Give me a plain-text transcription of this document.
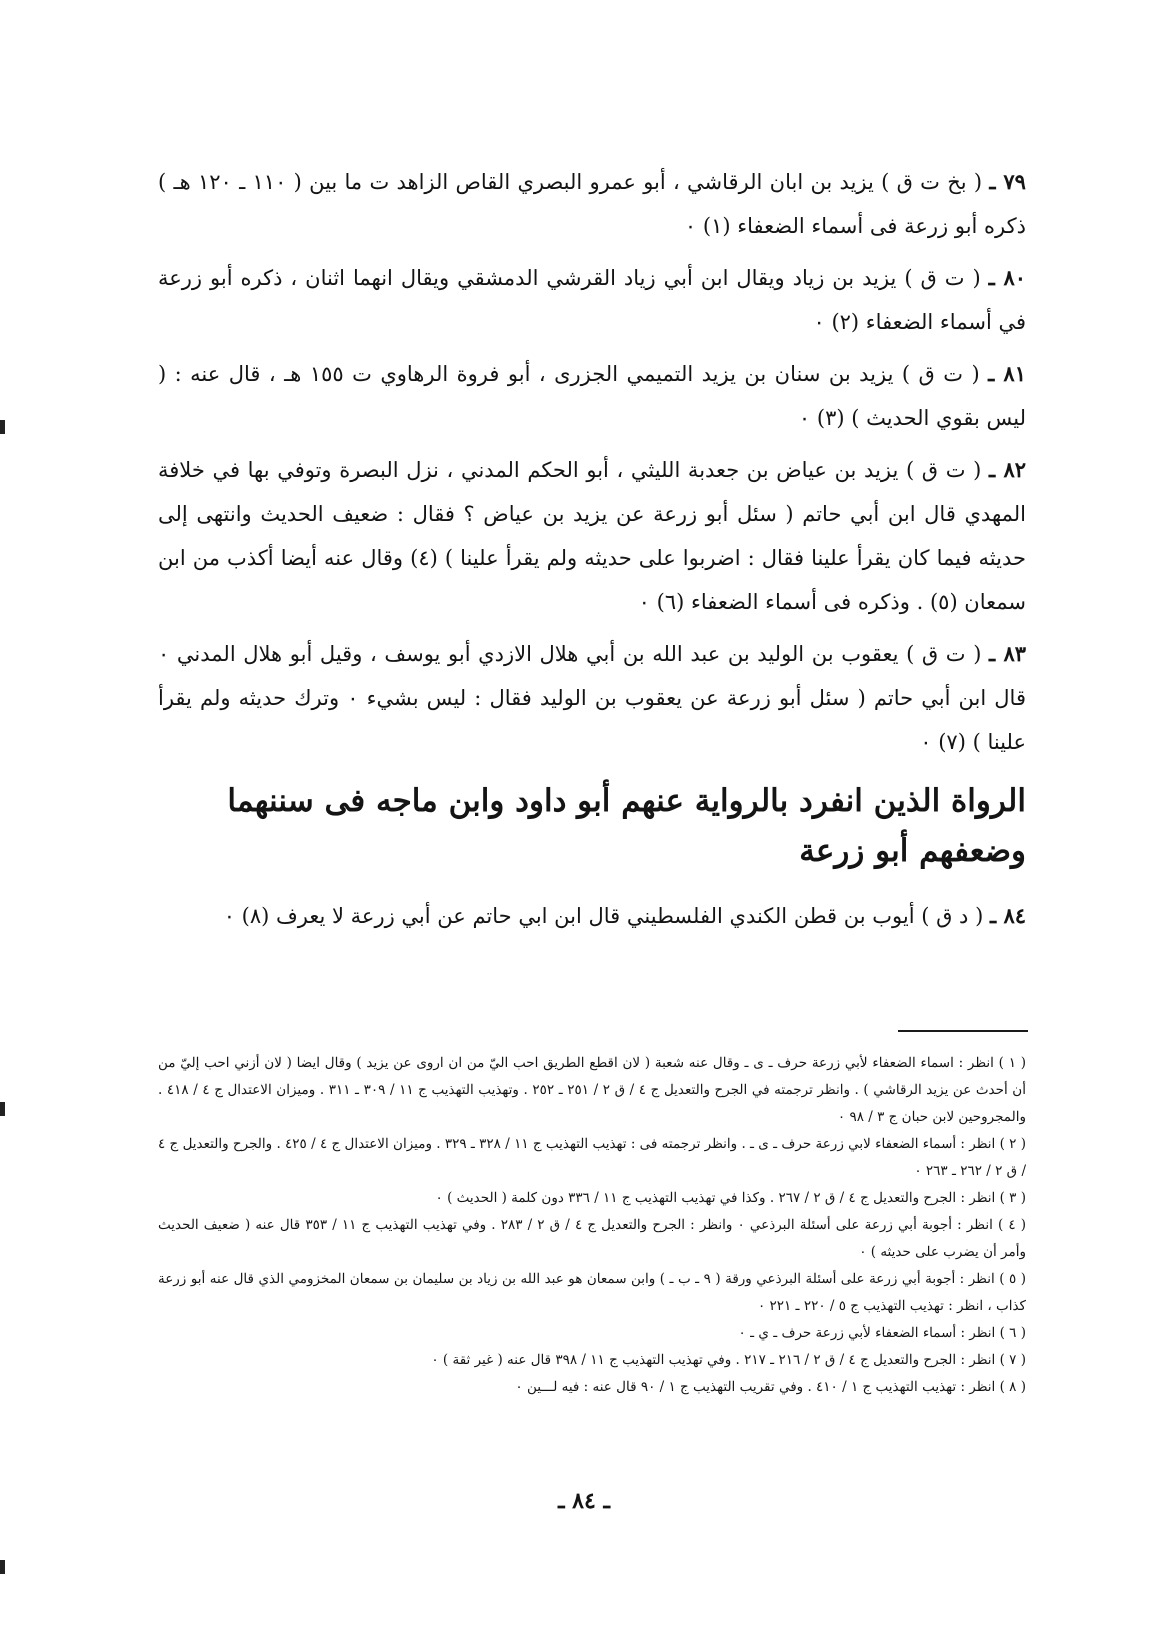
٧٩ ـ ( بخ ت ق ) يزيد بن ابان الرقاشي ، أبو عمرو البصري القاص الزاهد ت ما بين ( ١١٠ ـ ١٢٠ هـ ) ذكره أبو زرعة فى أسماء الضعفاء (١) ٠

٨٠ ـ ( ت ق ) يزيد بن زياد ويقال ابن أبي زياد القرشي الدمشقي ويقال انهما اثنان ، ذكره أبو زرعة في أسماء الضعفاء (٢) ٠

٨١ ـ ( ت ق ) يزيد بن سنان بن يزيد التميمي الجزرى ، أبو فروة الرهاوي ت ١٥٥ هـ ، قال عنه : ( ليس بقوي الحديث ) (٣) ٠

٨٢ ـ ( ت ق ) يزيد بن عياض بن جعدبة الليثي ، أبو الحكم المدني ، نزل البصرة وتوفي بها في خلافة المهدي قال ابن أبي حاتم ( سئل أبو زرعة عن يزيد بن عياض ؟ فقال : ضعيف الحديث وانتهى إلى حديثه فيما كان يقرأ علينا فقال : اضربوا على حديثه ولم يقرأ علينا ) (٤) وقال عنه أيضا أكذب من ابن سمعان (٥) . وذكره فى أسماء الضعفاء (٦) ٠

٨٣ ـ ( ت ق ) يعقوب بن الوليد بن عبد الله بن أبي هلال الازدي أبو يوسف ، وقيل أبو هلال المدني ٠ قال ابن أبي حاتم ( سئل أبو زرعة عن يعقوب بن الوليد فقال : ليس بشيء ٠ وترك حديثه ولم يقرأ علينا ) (٧) ٠

الرواة الذين انفرد بالرواية عنهم أبو داود وابن ماجه فى سننهما وضعفهم أبو زرعة

٨٤ ـ ( د ق ) أيوب بن قطن الكندي الفلسطيني قال ابن ابي حاتم عن أبي زرعة لا يعرف (٨) ٠

( ١ ) انظر : اسماء الضعفاء لأبي زرعة حرف ـ ى ـ وقال عنه شعبة ( لان اقطع الطريق احب اليّ من ان اروى عن يزيد ) وقال ايضا ( لان أزني احب إليّ من أن أحدث عن يزيد الرقاشي ) . وانظر ترجمته في الجرح والتعديل ج ٤ / ق ٢ / ٢٥١ ـ ٢٥٢ . وتهذيب التهذيب ج ١١ / ٣٠٩ ـ ٣١١ . وميزان الاعتدال ج ٤ / ٤١٨ . والمجروحين لابن حبان ج ٣ / ٩٨ ٠

( ٢ ) انظر : أسماء الضعفاء لابي زرعة حرف ـ ى ـ . وانظر ترجمته فى : تهذيب التهذيب ج ١١ / ٣٢٨ ـ ٣٢٩ . وميزان الاعتدال ج ٤ / ٤٢٥ . والجرح والتعديل ج ٤ / ق ٢ / ٢٦٢ ـ ٢٦٣ ٠

( ٣ ) انظر : الجرح والتعديل ج ٤ / ق ٢ / ٢٦٧ . وكذا في تهذيب التهذيب ج ١١ / ٣٣٦ دون كلمة ( الحديث ) ٠

( ٤ ) انظر : أجوبة أبي زرعة على أسئلة البرذعي ٠ وانظر : الجرح والتعديل ج ٤ / ق ٢ / ٢٨٣ . وفي تهذيب التهذيب ج ١١ / ٣٥٣ قال عنه ( ضعيف الحديث وأمر أن يضرب على حديثه ) ٠

( ٥ ) انظر : أجوبة أبي زرعة على أسئلة البرذعي ورقة ( ٩ ـ ب ـ ) وابن سمعان هو عبد الله بن زياد بن سليمان بن سمعان المخزومي الذي قال عنه أبو زرعة كذاب ، انظر : تهذيب التهذيب ج ٥ / ٢٢٠ ـ ٢٢١ ٠

( ٦ ) انظر : أسماء الضعفاء لأبي زرعة حرف ـ ي ـ ٠

( ٧ ) انظر : الجرح والتعديل ج ٤ / ق ٢ / ٢١٦ ـ ٢١٧ . وفي تهذيب التهذيب ج ١١ / ٣٩٨ قال عنه ( غير ثقة ) ٠

( ٨ ) انظر : تهذيب التهذيب ج ١ / ٤١٠ . وفي تقريب التهذيب ج ١ / ٩٠ قال عنه : فيه لـــين ٠

ـ ٨٤ ـ
